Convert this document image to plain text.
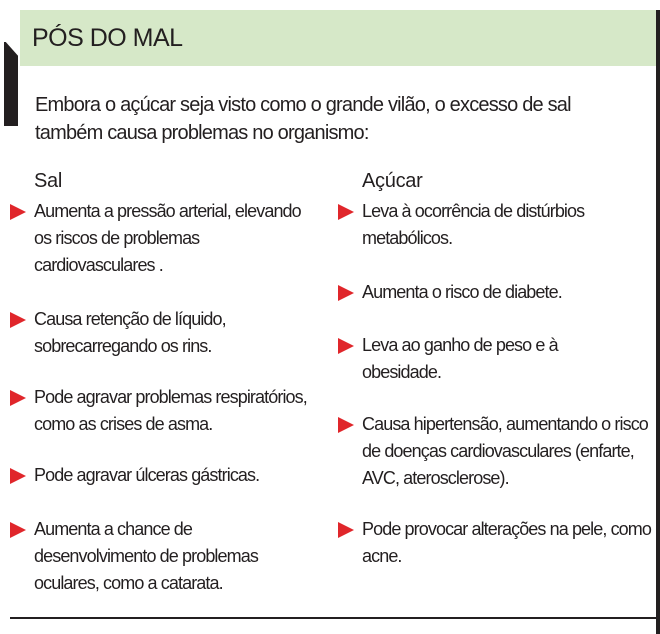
PÓS DO MAL
Embora o açúcar seja visto como o grande vilão, o excesso de sal também causa problemas no organismo:
Sal
Aumenta a pressão arterial, elevando os riscos de problemas cardiovasculares .
Causa retenção de líquido, sobrecarregando os rins.
Pode agravar problemas respiratórios, como as crises de asma.
Pode agravar úlceras gástricas.
Aumenta a chance de desenvolvimento de problemas oculares, como a catarata.
Açúcar
Leva à ocorrência de distúrbios metabólicos.
Aumenta o risco de diabete.
Leva ao ganho de peso e à obesidade.
Causa hipertensão, aumentando o risco de doenças cardiovasculares (enfarte, AVC, aterosclerose).
Pode provocar alterações na pele, como acne.
